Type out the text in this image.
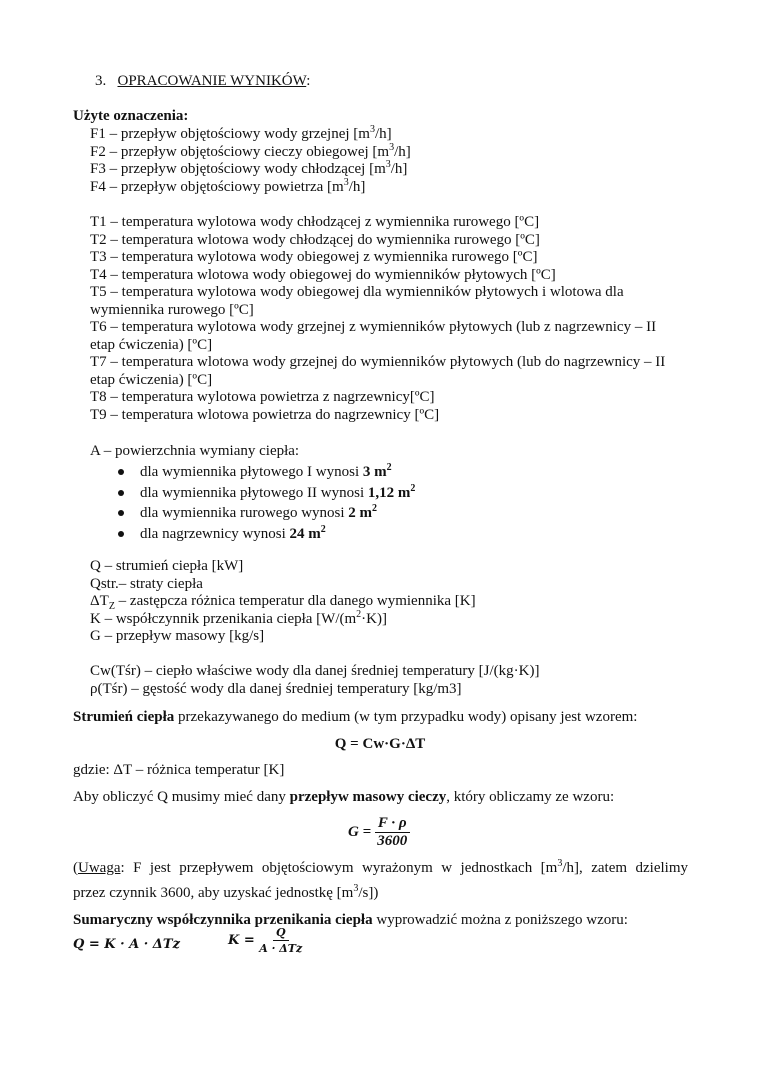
3. OPRACOWANIE WYNIKÓW:
Użyte oznaczenia:

F1 – przepływ objętościowy wody grzejnej $[m^3/h]$

F2 – przepływ objętościowy cieczy obiegowej $[m^3/h]$

F3 – przepływ objętościowy wody chłodzącej $[m^3/h]$

F4 – przepływ objętościowy powietrza $[m^3/h]$

T1 – temperatura wylotowa wody chłodzącej z wymiennika rurowego [ºC]

T2 – temperatura wlotowa wody chłodzącej do wymiennika rurowego [ºC]

T3 – temperatura wylotowa wody obiegowej z wymiennika rurowego [ºC]

T4 – temperatura wlotowa wody obiegowej do wymienników płytowych [ºC]

T5 – temperatura wylotowa wody obiegowej dla wymienników płytowych i wlotowa dla

wymiennika rurowego [ºC]

T6 – temperatura wylotowa wody grzejnej z wymienników płytowych (lub z nagrzewnicy – II

etap ćwiczenia) [ºC]

T7 – temperatura wlotowa wody grzejnej do wymienników płytowych (lub do nagrzewnicy – II

etap ćwiczenia) [ºC]

T8 – temperatura wylotowa powietrza z nagrzewnicy[ºC]

T9 – temperatura wlotowa powietrza do nagrzewnicy [ºC]

A – powierzchnia wymiany ciepła:
dla wymiennika płytowego I wynosi 3 $m^2$
dla wymiennika płytowego II wynosi 1,12 $m^2$
dla wymiennika rurowego wynosi 2 $m^2$
dla nagrzewnicy wynosi 24 $m^2$

Q – strumień ciepła [kW]

Qstr.– straty ciepła

$\Delta T_Z$ – zastępcza różnica temperatur dla danego wymiennika [K]

K – współczynnik przenikania ciepła $[W/(m^2\cdot K)]$

G – przepływ masowy [kg/s]

Cw(Tśr) – ciepło właściwe wody dla danej średniej temperatury [J/(kg·K)]

ρ(Tśr) – gęstość wody dla danej średniej temperatury [kg/m3]

Strumień ciepła przekazywanego do medium (w tym przypadku wody) opisany jest wzorem:

Q = Cw·G·ΔT

gdzie: ΔT – różnica temperatur [K]

Aby obliczyć Q musimy mieć dany przepływ masowy cieczy, który obliczamy ze wzoru:

$G = \frac{F \cdot \rho}{3600}$

(Uwaga: F jest przepływem objętościowym wyrażonym w jednostkach $[m^3/h]$, zatem dzielimy

przez czynnik 3600, aby uzyskać jednostkę $[m^3/s]$)

Sumaryczny współczynnika przenikania ciepła wyprowadzić można z poniższego wzoru:

Q = K · A · ΔTz	$K = \frac{Q}{\text{A · ΔTz}}$
